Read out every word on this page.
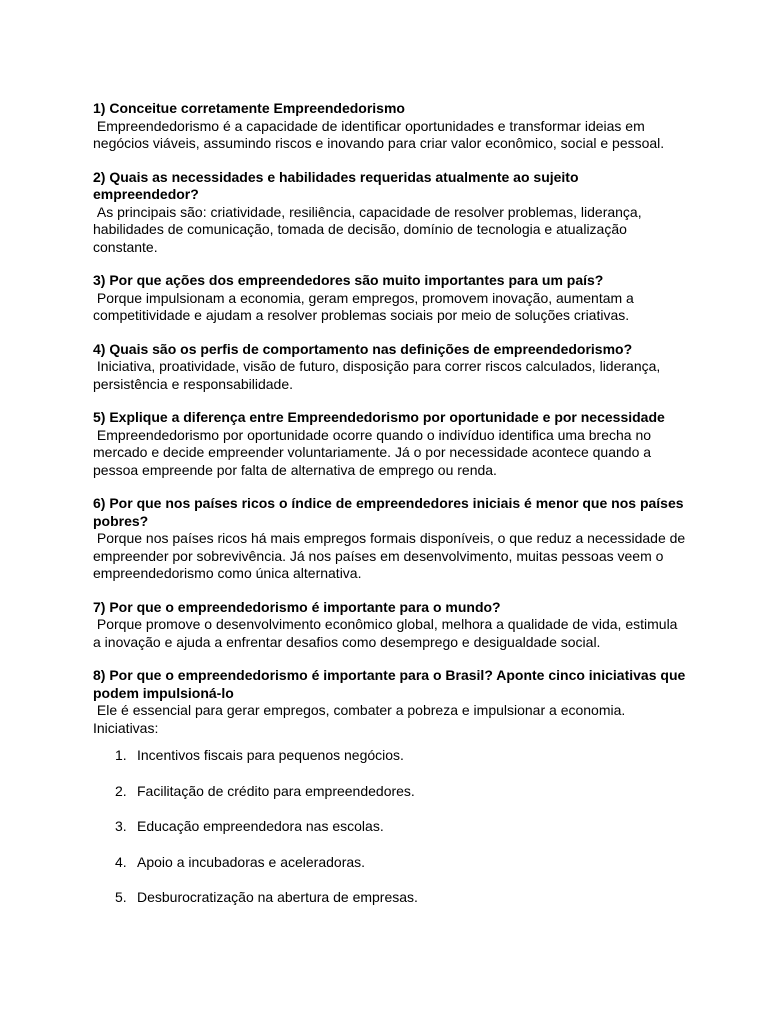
1) Conceitue corretamente Empreendedorismo

Empreendedorismo é a capacidade de identificar oportunidades e transformar ideias em negócios viáveis, assumindo riscos e inovando para criar valor econômico, social e pessoal.

2) Quais as necessidades e habilidades requeridas atualmente ao sujeito empreendedor?

As principais são: criatividade, resiliência, capacidade de resolver problemas, liderança, habilidades de comunicação, tomada de decisão, domínio de tecnologia e atualização constante.

3) Por que ações dos empreendedores são muito importantes para um país?

Porque impulsionam a economia, geram empregos, promovem inovação, aumentam a competitividade e ajudam a resolver problemas sociais por meio de soluções criativas.

4) Quais são os perfis de comportamento nas definições de empreendedorismo?

Iniciativa, proatividade, visão de futuro, disposição para correr riscos calculados, liderança, persistência e responsabilidade.

5) Explique a diferença entre Empreendedorismo por oportunidade e por necessidade

Empreendedorismo por oportunidade ocorre quando o indivíduo identifica uma brecha no mercado e decide empreender voluntariamente. Já o por necessidade acontece quando a pessoa empreende por falta de alternativa de emprego ou renda.

6) Por que nos países ricos o índice de empreendedores iniciais é menor que nos países pobres?

Porque nos países ricos há mais empregos formais disponíveis, o que reduz a necessidade de empreender por sobrevivência. Já nos países em desenvolvimento, muitas pessoas veem o empreendedorismo como única alternativa.

7) Por que o empreendedorismo é importante para o mundo?

Porque promove o desenvolvimento econômico global, melhora a qualidade de vida, estimula a inovação e ajuda a enfrentar desafios como desemprego e desigualdade social.

8) Por que o empreendedorismo é importante para o Brasil? Aponte cinco iniciativas que podem impulsioná-lo

Ele é essencial para gerar empregos, combater a pobreza e impulsionar a economia.
Iniciativas:

1. Incentivos fiscais para pequenos negócios.
2. Facilitação de crédito para empreendedores.
3. Educação empreendedora nas escolas.
4. Apoio a incubadoras e aceleradoras.
5. Desburocratização na abertura de empresas.
